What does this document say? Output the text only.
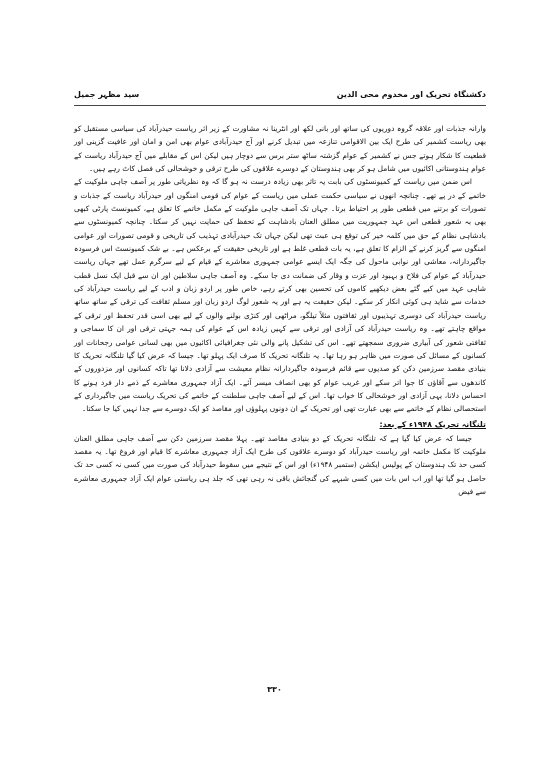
دکشنگاہ تحریک اور مخدوم محی الدین
سید مظہر جمیل

وارانہ جذبات اور علاقہ گروہ دوریوں کی ساتھ اور بانی لکھ اور انٹرینا نہ مشاورت کے زیر اثر ریاست حیدرآباد کی سیاسی مستقبل کو بھی ریاست کشمیر کی طرح ایک بین الاقوامی تنازعہ میں تبدیل کرنے اور آج حیدرآبادی عوام بھی امن و امان اور عافیت گزینی اور قطعیت کا شکار ہوتے جس نے کشمیر کے عوام گزشتہ ساٹھ ستر برس سے دوچار ہیں لیکن اس کے مقابلے میں آج حیدرآباد ریاست کے عوام ہندوستانی اکائیوں میں شامل ہو کر بھی ہندوستان کے دوسرے علاقوں کی طرح ترقی و خوشحالی کی فصل کاٹ رہے ہیں۔

اس ضمن میں ریاست کے کمیونسٹوں کی بابت یہ تاثر بھی زیادہ درست نہ ہو گا کہ وہ نظریاتی طور پر آصف جاہی ملوکیت کے خاتمے کے در پے تھے۔ چنانچہ انھوں نے سیاسی حکمت عملی میں ریاست کے عوام کی قومی امنگوں اور حیدرآباد ریاست کے جذبات و تصورات کو برتنے میں قطعی طور پر احتیاط برتا۔ جہاں تک آصف جاہی ملوکیت کے مکمل خاتمے کا تعلق ہے، کمیونسٹ پارٹی کبھی بھی بہ شعور قطعی اس عہد جمہوریت میں مطلق العنان بادشاہت کے تحفظ کی حمایت نہیں کر سکتا۔ چنانچہ کمیونسٹوں سے بادشاہی نظام کے حق میں کلمہ خیر کی توقع ہی عبث تھی لیکن جہاں تک حیدرآبادی تہذیب کی تاریخی و قومی تصورات اور عوامی امنگوں سے گریز کرنے کے الزام کا تعلق ہے، یہ بات قطعی غلط ہے اور تاریخی حقیقت کے برعکس ہے۔ بے شک کمیونسٹ اس فرسودہ جاگیردارانہ، معاشی اور نوابی ماحول کی جگہ ایک ایسے عوامی جمہوری معاشرے کے قیام کے لیے سرگرم عمل تھے جہاں ریاست حیدرآباد کے عوام کی فلاح و بہبود اور عزت و وقار کی ضمانت دی جا سکے۔ وہ آصف جاہی سلاطین اور ان سے قبل ایک نسل قطب شاہی عہد میں کیے گئے بعض دیکھیے کاموں کی تحسین بھی کرتے رہے، خاص طور پر اردو زبان و ادب کے لیے ریاست حیدرآباد کی خدمات سے شاید ہی کوئی انکار کر سکے۔ لیکن حقیقت یہ ہے اور یہ شعور لوگ اردو زبان اور مسلم ثقافت کی ترقی کے ساتھ ساتھ ریاست حیدرآباد کی دوسری تہذیبوں اور ثقافتوں مثلاً تیلگو، مراٹھی اور کنڑی بولنے والوں کے لیے بھی اسی قدر تحفظ اور ترقی کے مواقع چاہتے تھے۔ وہ ریاست حیدرآباد کی آزادی اور ترقی سے کہیں زیادہ اس کے عوام کی ہمہ جہتی ترقی اور ان کا سماجی و ثقافتی شعور کی آبیاری ضروری سمجھتے تھے۔ اس کی تشکیل پانے والی نئی جغرافیائی اکائیوں میں بھی لسانی عوامی رجحانات اور کسانوں کے مسائل کی صورت میں ظاہر ہو رہا تھا۔ یہ تلنگانہ تحریک کا صرف ایک پہلو تھا۔ جیسا کہ عرض کیا گیا تلنگانہ تحریک کا بنیادی مقصد سرزمین دکن کو صدیوں سے قائم فرسودہ جاگیردارانہ نظام معیشت سے آزادی دلانا تھا تاکہ کسانوں اور مزدوروں کے کاندھوں سے آقاؤں کا جوا اتر سکے اور غریب عوام کو بھی انصاف میسر آئے۔ ایک آزاد جمہوری معاشرے کے ذمے دار فرد ہونے کا احساس دلانا، یہی آزادی اور خوشحالی کا خواب تھا۔ اس کے لیے آصف جاہی سلطنت کے خاتمے کی تحریک ریاست میں جاگیرداری کے استحصالی نظام کے خاتمے سے بھی عبارت تھی اور تحریک کے ان دونوں پہلوؤں اور مقاصد کو ایک دوسرے سے جدا نہیں کیا جا سکتا۔

تلنگانہ تحریک ۱۹۴۸ء کے بعد:

جیسا کہ عرض کیا گیا ہے کہ تلنگانہ تحریک کے دو بنیادی مقاصد تھے۔ پہلا مقصد سرزمین دکن سے آصف جاہی مطلق العنان ملوکیت کا مکمل خاتمہ اور ریاست حیدرآباد کو دوسرے علاقوں کی طرح ایک آزاد جمہوری معاشرے کا قیام اور فروغ تھا۔ یہ مقصد کسی حد تک ہندوستان کے پولیس ایکشن (ستمبر ۱۹۴۸ء) اور اس کے نتیجے میں سقوط حیدرآباد کی صورت میں کسی نہ کسی حد تک حاصل ہو گیا تھا اور اب اس بات میں کسی شبہے کی گنجائش باقی نہ رہی تھی کہ جلد ہی ریاستی عوام ایک آزاد جمہوری معاشرے سے فیض

۳۳۰
